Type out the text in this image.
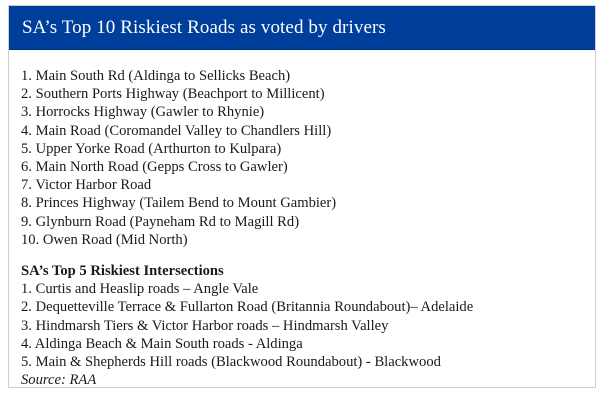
SA’s Top 10 Riskiest Roads as voted by drivers
1. Main South Rd (Aldinga to Sellicks Beach)
2. Southern Ports Highway (Beachport to Millicent)
3. Horrocks Highway (Gawler to Rhynie)
4. Main Road (Coromandel Valley to Chandlers Hill)
5. Upper Yorke Road (Arthurton to Kulpara)
6. Main North Road (Gepps Cross to Gawler)
7. Victor Harbor Road
8. Princes Highway (Tailem Bend to Mount Gambier)
9. Glynburn Road (Payneham Rd to Magill Rd)
10. Owen Road (Mid North)
SA’s Top 5 Riskiest Intersections
1. Curtis and Heaslip roads – Angle Vale
2. Dequetteville Terrace & Fullarton Road (Britannia Roundabout)– Adelaide
3. Hindmarsh Tiers & Victor Harbor roads – Hindmarsh Valley
4. Aldinga Beach & Main South roads - Aldinga
5. Main & Shepherds Hill roads (Blackwood Roundabout) - Blackwood
Source: RAA
